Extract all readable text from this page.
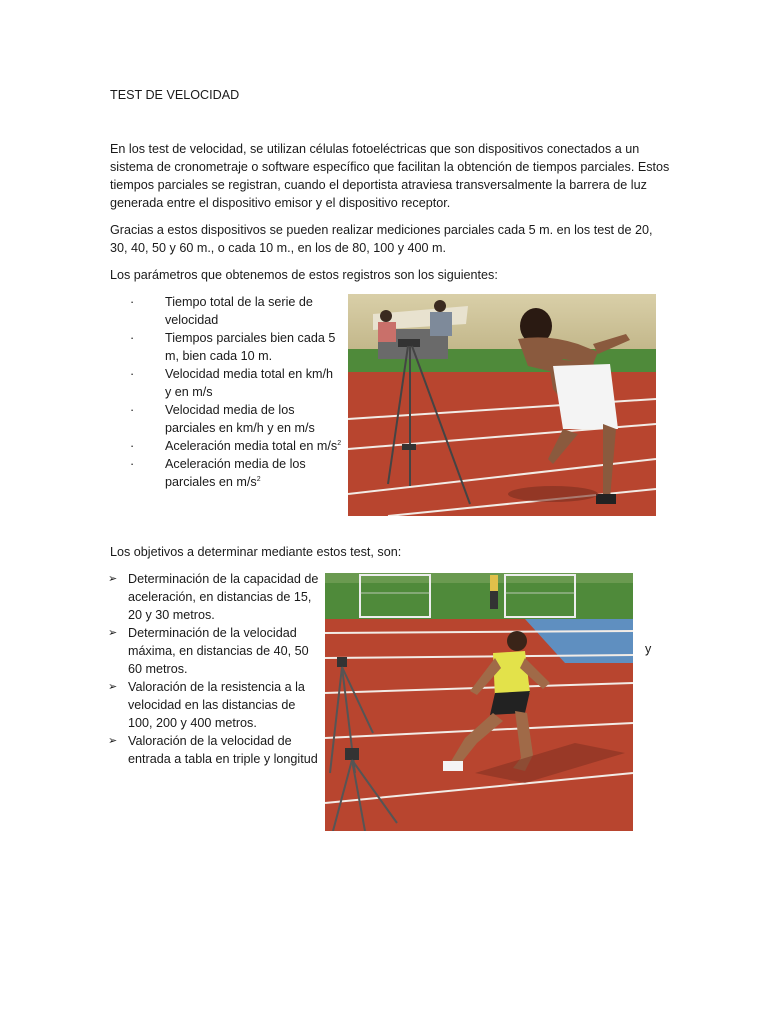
TEST DE VELOCIDAD
En los test de velocidad, se utilizan células fotoeléctricas que son dispositivos conectados a un sistema de cronometraje o software específico que facilitan la obtención de tiempos parciales. Estos tiempos parciales se registran, cuando el deportista atraviesa transversalmente la barrera de luz generada entre el dispositivo emisor y el dispositivo receptor.
Gracias a estos dispositivos se pueden realizar mediciones parciales cada 5 m. en los test de 20, 30, 40, 50 y 60 m., o cada 10 m., en los de 80, 100 y 400 m.
Los parámetros que obtenemos de estos registros son los siguientes:
·	Tiempo total de la serie de velocidad
·	Tiempos parciales bien cada 5 m, bien cada 10 m.
·	Velocidad media total en km/h y en m/s
·	Velocidad media de los parciales en km/h y en m/s
·	Aceleración media total en $m/s^2$
·	Aceleración media de los parciales en $m/s^2$
Los objetivos a determinar mediante estos test, son:
➢ Determinación de la capacidad de aceleración, en distancias de 15, 20 y 30 metros.
➢ Determinación de la velocidad máxima, en distancias de 40, 50 60 metros.
➢ Valoración de la resistencia a la velocidad en las distancias de 100, 200 y 400 metros.
➢ Valoración de la velocidad de entrada a tabla en triple y longitud
y
